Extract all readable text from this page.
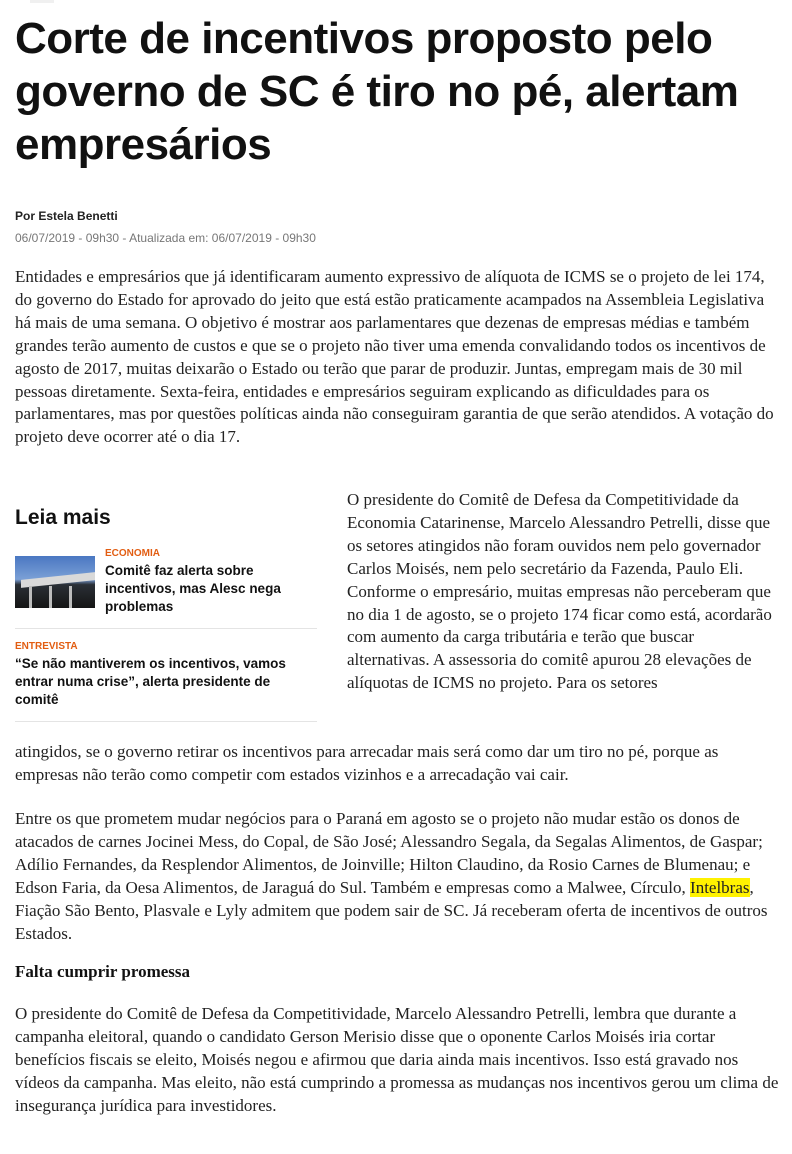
Corte de incentivos proposto pelo governo de SC é tiro no pé, alertam empresários
Por Estela Benetti
06/07/2019 - 09h30 - Atualizada em: 06/07/2019 - 09h30

Entidades e empresários que já identificaram aumento expressivo de alíquota de ICMS se o projeto de lei 174, do governo do Estado for aprovado do jeito que está estão praticamente acampados na Assembleia Legislativa há mais de uma semana. O objetivo é mostrar aos parlamentares que dezenas de empresas médias e também grandes terão aumento de custos e que se o projeto não tiver uma emenda convalidando todos os incentivos de agosto de 2017, muitas deixarão o Estado ou terão que parar de produzir. Juntas, empregam mais de 30 mil pessoas diretamente. Sexta-feira, entidades e empresários seguiram explicando as dificuldades para os parlamentares, mas por questões políticas ainda não conseguiram garantia de que serão atendidos. A votação do projeto deve ocorrer até o dia 17.

Leia mais
ECONOMIA

Comitê faz alerta sobre incentivos, mas Alesc nega problemas

ENTREVISTA

“Se não mantiverem os incentivos, vamos entrar numa crise”, alerta presidente de comitê

O presidente do Comitê de Defesa da Competitividade da Economia Catarinense, Marcelo Alessandro Petrelli, disse que os setores atingidos não foram ouvidos nem pelo governador Carlos Moisés, nem pelo secretário da Fazenda, Paulo Eli. Conforme o empresário, muitas empresas não perceberam que no dia 1 de agosto, se o projeto 174 ficar como está, acordarão com aumento da carga tributária e terão que buscar alternativas. A assessoria do comitê apurou 28 elevações de alíquotas de ICMS no projeto. Para os setores

atingidos, se o governo retirar os incentivos para arrecadar mais será como dar um tiro no pé, porque as empresas não terão como competir com estados vizinhos e a arrecadação vai cair.

Entre os que prometem mudar negócios para o Paraná em agosto se o projeto não mudar estão os donos de atacados de carnes Jocinei Mess, do Copal, de São José; Alessandro Segala, da Segalas Alimentos, de Gaspar; Adílio Fernandes, da Resplendor Alimentos, de Joinville; Hilton Claudino, da Rosio Carnes de Blumenau; e Edson Faria, da Oesa Alimentos, de Jaraguá do Sul. Também e empresas como a Malwee, Círculo, Intelbras, Fiação São Bento, Plasvale e Lyly admitem que podem sair de SC. Já receberam oferta de incentivos de outros Estados.

Falta cumprir promessa

O presidente do Comitê de Defesa da Competitividade, Marcelo Alessandro Petrelli, lembra que durante a campanha eleitoral, quando o candidato Gerson Merisio disse que o oponente Carlos Moisés iria cortar benefícios fiscais se eleito, Moisés negou e afirmou que daria ainda mais incentivos. Isso está gravado nos vídeos da campanha. Mas eleito, não está cumprindo a promessa as mudanças nos incentivos gerou um clima de insegurança jurídica para investidores.
